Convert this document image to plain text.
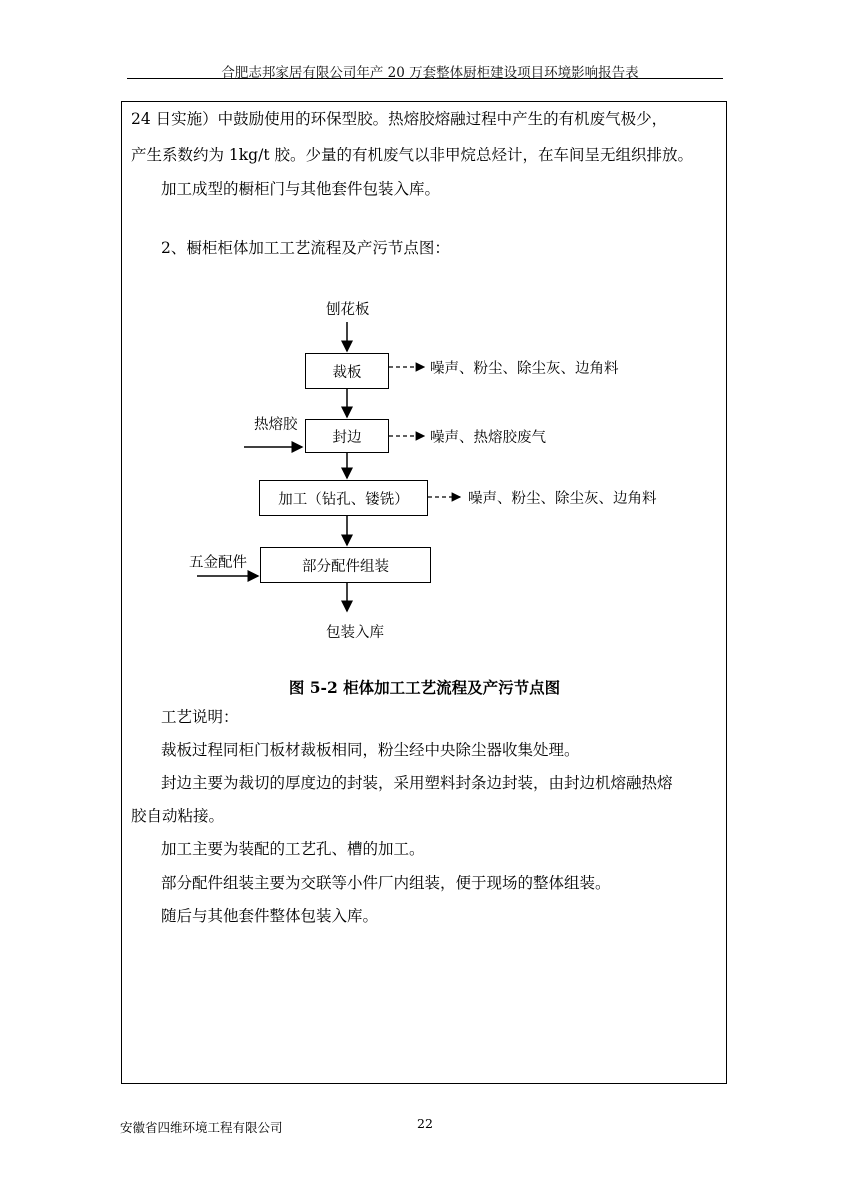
合肥志邦家居有限公司年产 20 万套整体厨柜建设项目环境影响报告表
24 日实施）中鼓励使用的环保型胶。热熔胶熔融过程中产生的有机废气极少，
产生系数约为 1kg/t 胶。少量的有机废气以非甲烷总烃计，在车间呈无组织排放。
加工成型的橱柜门与其他套件包装入库。
2、橱柜柜体加工工艺流程及产污节点图：
刨花板
裁板	噪声、粉尘、除尘灰、边角料
热熔胶
封边	噪声、热熔胶废气
加工（钻孔、镂铣）	噪声、粉尘、除尘灰、边角料
五金配件	部分配件组装
包装入库
图 5-2 柜体加工工艺流程及产污节点图
工艺说明：
裁板过程同柜门板材裁板相同，粉尘经中央除尘器收集处理。
封边主要为裁切的厚度边的封装，采用塑料封条边封装，由封边机熔融热熔
胶自动粘接。
加工主要为装配的工艺孔、槽的加工。
部分配件组装主要为交联等小件厂内组装，便于现场的整体组装。
随后与其他套件整体包装入库。
安徽省四维环境工程有限公司	22
